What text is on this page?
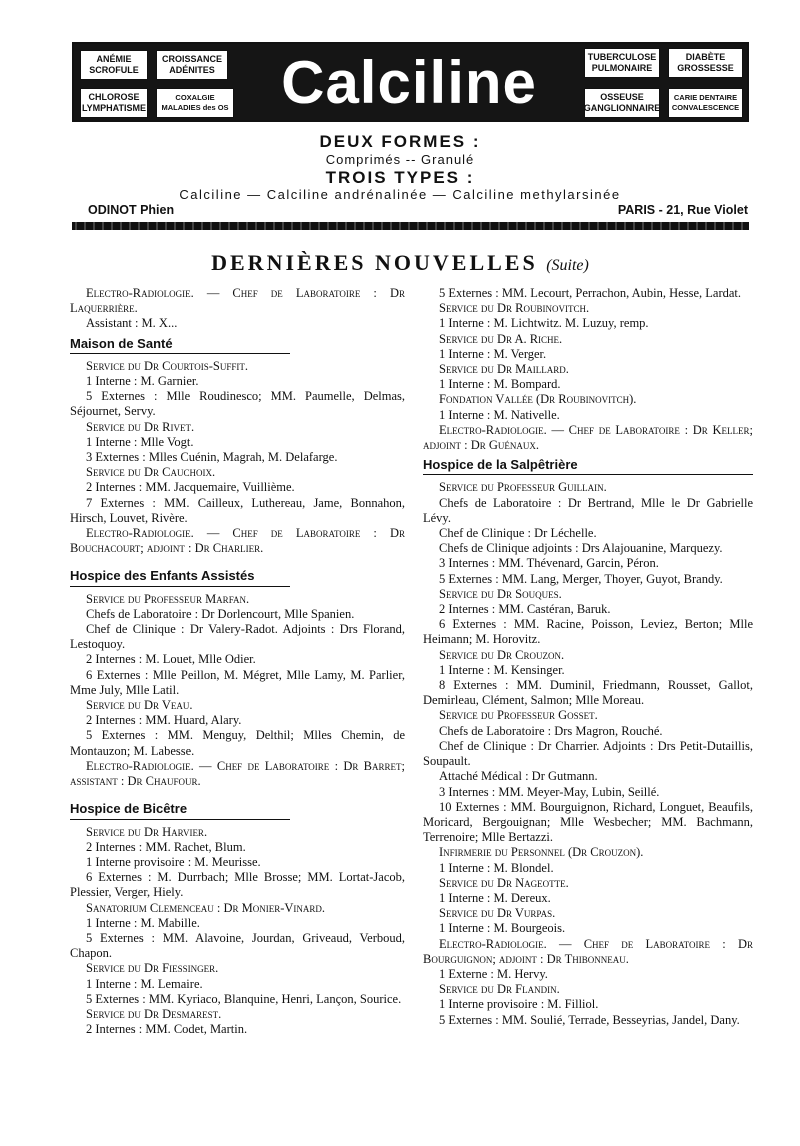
ANÉMIE
SCROFULE
CROISSANCE
ADÉNITES
CHLOROSE
LYMPHATISME
COXALGIE
MALADIES des OS Calciline	TUBERCULOSE
PULMONAIRE
DIABÈTE
GROSSESSE
OSSEUSE
GANGLIONNAIRE
CARIE DENTAIRE
CONVALESCENCE
DEUX FORMES :
Comprimés -- Granulé
TROIS TYPES :
Calciline — Calciline andrénalinée — Calciline methylarsinée
ODINOT Phien	PARIS - 21, Rue Violet
DERNIÈRES NOUVELLES (Suite)

Electro-Radiologie. — Chef de Laboratoire : Dr Laquerrière.

Assistant : M. X...

Maison de Santé

Service du Dr Courtois-Suffit.

1 Interne : M. Garnier.

5 Externes : Mlle Roudinesco; MM. Paumelle, Delmas, Séjournet, Servy.

Service du Dr Rivet.

1 Interne : Mlle Vogt.

3 Externes : Mlles Cuénin, Magrah, M. Delafarge.

Service du Dr Cauchoix.

2 Internes : MM. Jacquemaire, Vuillième.

7 Externes : MM. Cailleux, Luthereau, Jame, Bonnahon, Hirsch, Louvet, Rivère.

Electro-Radiologie. — Chef de Laboratoire : Dr Bouchacourt; adjoint : Dr Charlier.

Hospice des Enfants Assistés

Service du Professeur Marfan.

Chefs de Laboratoire : Dr Dorlencourt, Mlle Spanien.

Chef de Clinique : Dr Valery-Radot. Adjoints : Drs Florand, Lestoquoy.

2 Internes : M. Louet, Mlle Odier.

6 Externes : Mlle Peillon, M. Mégret, Mlle Lamy, M. Parlier, Mme July, Mlle Latil.

Service du Dr Veau.

2 Internes : MM. Huard, Alary.

5 Externes : MM. Menguy, Delthil; Mlles Chemin, de Montauzon; M. Labesse.

Electro-Radiologie. — Chef de Laboratoire : Dr Barret; assistant : Dr Chaufour.

Hospice de Bicêtre

Service du Dr Harvier.

2 Internes : MM. Rachet, Blum.

1 Interne provisoire : M. Meurisse.

6 Externes : M. Durrbach; Mlle Brosse; MM. Lortat-Jacob, Plessier, Verger, Hiely.

Sanatorium Clemenceau : Dr Monier-Vinard.

1 Interne : M. Mabille.

5 Externes : MM. Alavoine, Jourdan, Griveaud, Verboud, Chapon.

Service du Dr Fiessinger.

1 Interne : M. Lemaire.

5 Externes : MM. Kyriaco, Blanquine, Henri, Lançon, Sourice.

Service du Dr Desmarest.

2 Internes : MM. Codet, Martin.

5 Externes : MM. Lecourt, Perrachon, Aubin, Hesse, Lardat.

Service du Dr Roubinovitch.

1 Interne : M. Lichtwitz. M. Luzuy, remp.

Service du Dr A. Riche.

1 Interne : M. Verger.

Service du Dr Maillard.

1 Interne : M. Bompard.

Fondation Vallée (Dr Roubinovitch).

1 Interne : M. Nativelle.

Electro-Radiologie. — Chef de Laboratoire : Dr Keller; adjoint : Dr Guénaux.

Hospice de la Salpêtrière

Service du Professeur Guillain.

Chefs de Laboratoire : Dr Bertrand, Mlle le Dr Gabrielle Lévy.

Chef de Clinique : Dr Léchelle.

Chefs de Clinique adjoints : Drs Alajouanine, Marquezy.

3 Internes : MM. Thévenard, Garcin, Péron.

5 Externes : MM. Lang, Merger, Thoyer, Guyot, Brandy.

Service du Dr Souques.

2 Internes : MM. Castéran, Baruk.

6 Externes : MM. Racine, Poisson, Leviez, Berton; Mlle Heimann; M. Horovitz.

Service du Dr Crouzon.

1 Interne : M. Kensinger.

8 Externes : MM. Duminil, Friedmann, Rousset, Gallot, Demirleau, Clément, Salmon; Mlle Moreau.

Service du Professeur Gosset.

Chefs de Laboratoire : Drs Magron, Rouché.

Chef de Clinique : Dr Charrier. Adjoints : Drs Petit-Dutaillis, Soupault.

Attaché Médical : Dr Gutmann.

3 Internes : MM. Meyer-May, Lubin, Seillé.

10 Externes : MM. Bourguignon, Richard, Longuet, Beaufils, Moricard, Bergouignan; Mlle Wesbecher; MM. Bachmann, Terrenoire; Mlle Bertazzi.

Infirmerie du Personnel (Dr Crouzon).

1 Interne : M. Blondel.

Service du Dr Nageotte.

1 Interne : M. Dereux.

Service du Dr Vurpas.

1 Interne : M. Bourgeois.

Electro-Radiologie. — Chef de Laboratoire : Dr Bourguignon; adjoint : Dr Thibonneau.

1 Externe : M. Hervy.

Service du Dr Flandin.

1 Interne provisoire : M. Filliol.

5 Externes : MM. Soulié, Terrade, Besseyrias, Jandel, Dany.
